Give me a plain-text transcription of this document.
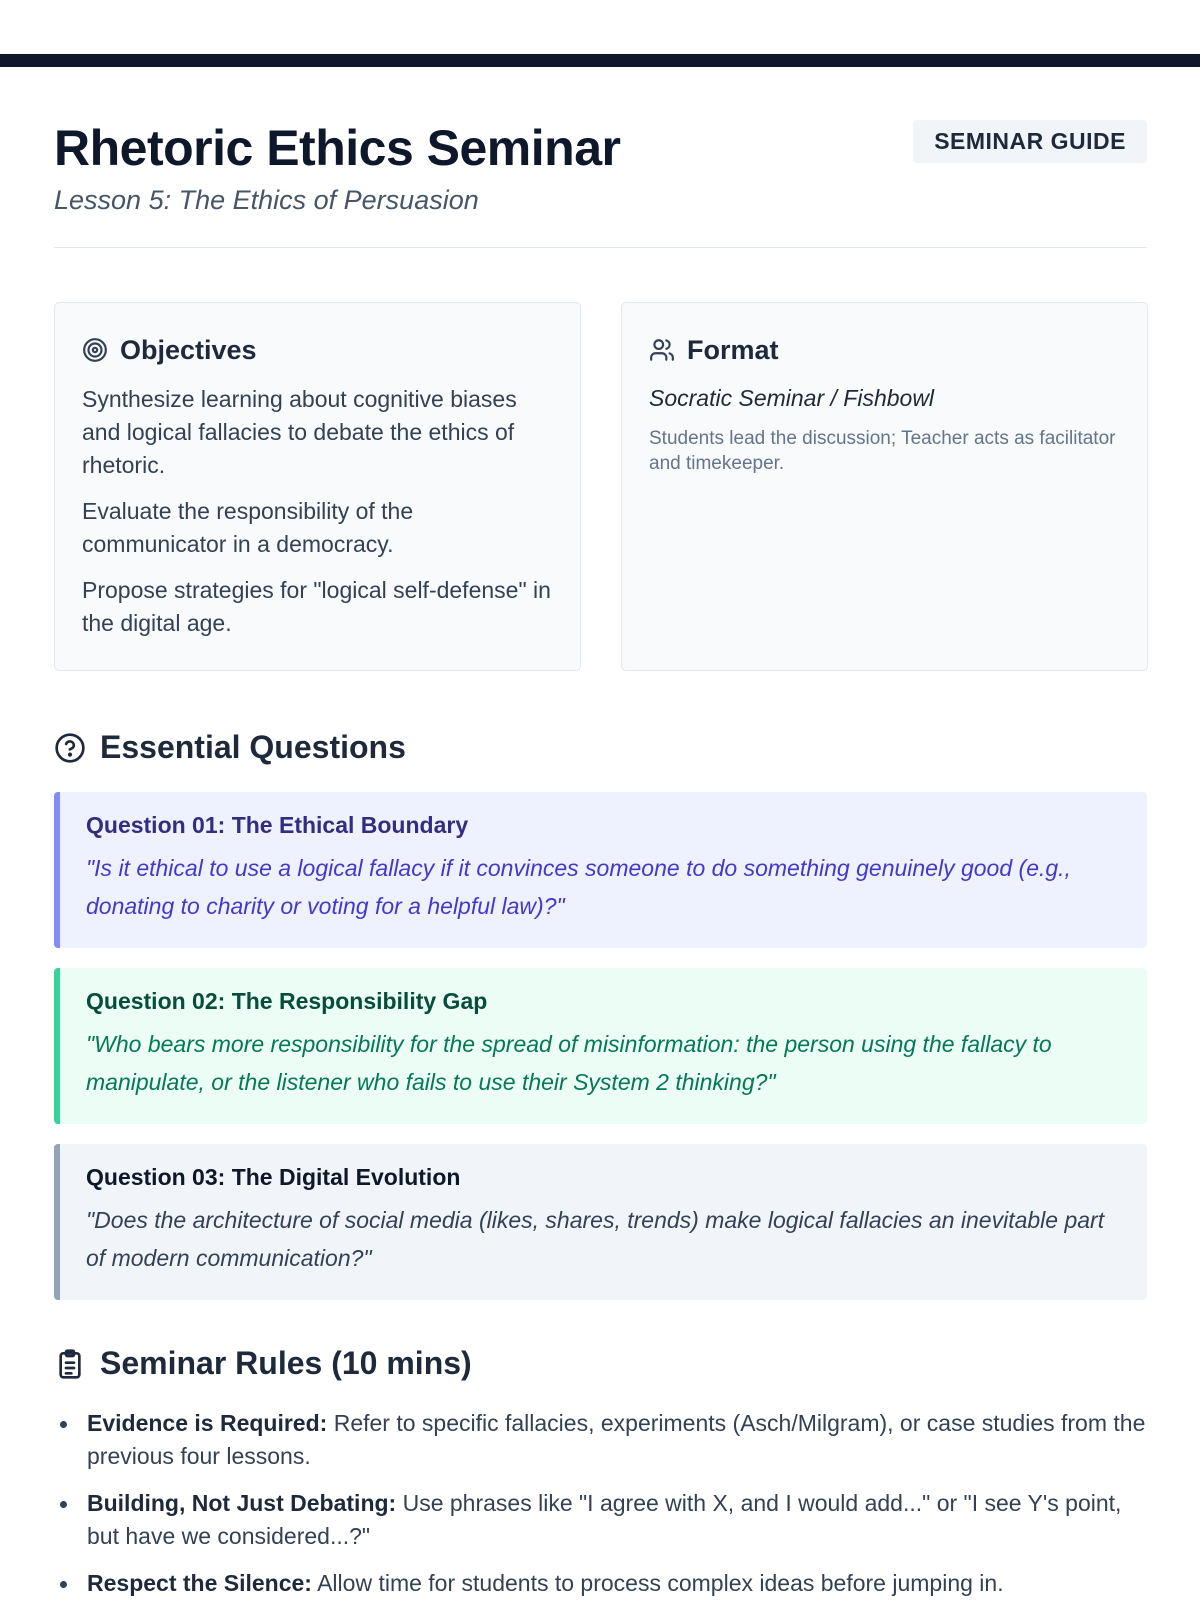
Rhetoric Ethics Seminar
Lesson 5: The Ethics of Persuasion
SEMINAR GUIDE
Objectives
Synthesize learning about cognitive biases and logical fallacies to debate the ethics of rhetoric.
Evaluate the responsibility of the communicator in a democracy.
Propose strategies for "logical self-defense" in the digital age.
Format
Socratic Seminar / Fishbowl
Students lead the discussion; Teacher acts as facilitator and timekeeper.
Essential Questions
Question 01: The Ethical Boundary
"Is it ethical to use a logical fallacy if it convinces someone to do something genuinely good (e.g., donating to charity or voting for a helpful law)?"
Question 02: The Responsibility Gap
"Who bears more responsibility for the spread of misinformation: the person using the fallacy to manipulate, or the listener who fails to use their System 2 thinking?"
Question 03: The Digital Evolution
"Does the architecture of social media (likes, shares, trends) make logical fallacies an inevitable part of modern communication?"
Seminar Rules (10 mins)
Evidence is Required: Refer to specific fallacies, experiments (Asch/Milgram), or case studies from the previous four lessons.
Building, Not Just Debating: Use phrases like "I agree with X, and I would add..." or "I see Y's point, but have we considered...?"
Respect the Silence: Allow time for students to process complex ideas before jumping in.
